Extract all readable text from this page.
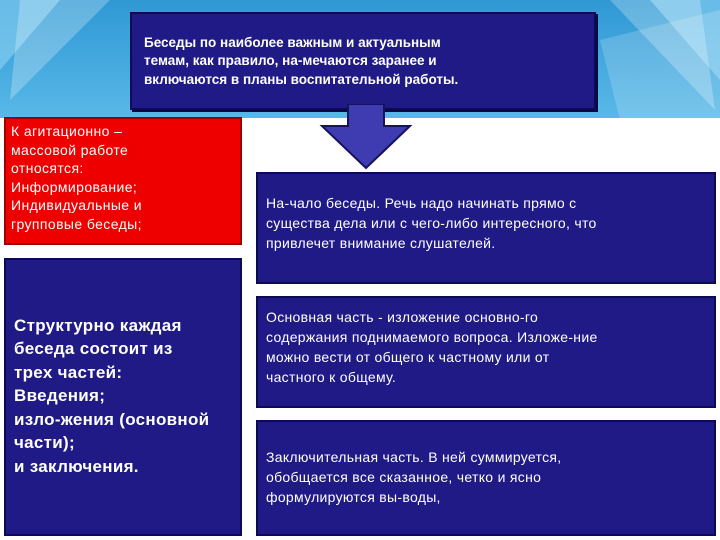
Беседы по наиболее важным и актуальным
темам, как правило, на-мечаются заранее и
включаются в планы воспитательной работы.
К агитационно –
массовой работе
относятся:
Информирование;
Индивидуальные и
групповые беседы;
Структурно каждая
беседа состоит из
трех частей:
Введения;
изло-жения (основной
части);
и заключения.
На-чало беседы. Речь надо начинать прямо с
существа дела или с чего-либо интересного, что
привлечет внимание слушателей.
Основная часть - изложение основно-го
содержания поднимаемого вопроса. Изложе-ние
можно вести от общего к частному или от
частного к общему.
Заключительная часть. В ней суммируется,
обобщается все сказанное, четко и ясно
формулируются вы-воды,
